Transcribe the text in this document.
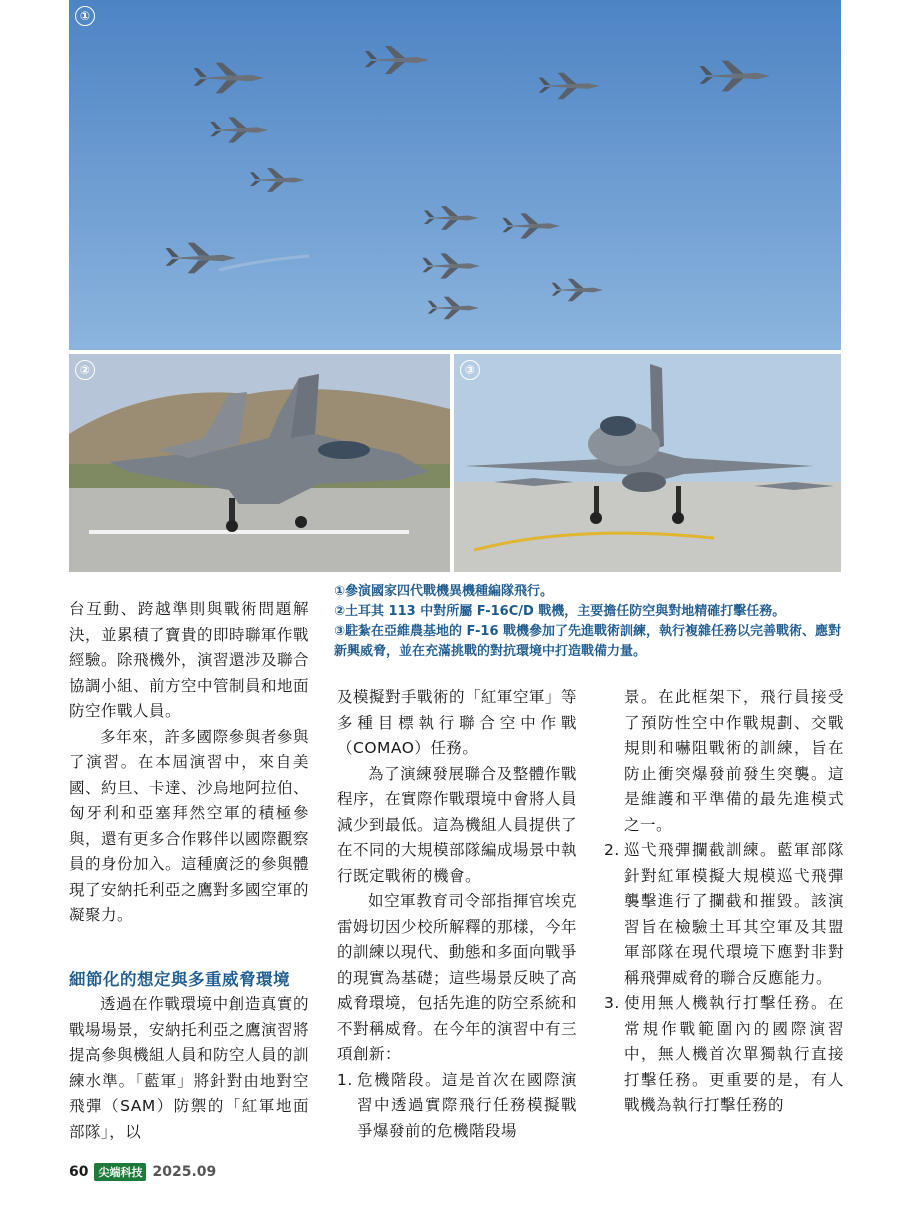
①
②	③
①參演國家四代戰機異機種編隊飛行。
②土耳其 113 中對所屬 F-16C/D 戰機，主要擔任防空與對地精確打擊任務。
③駐紮在亞維農基地的 F-16 戰機參加了先進戰術訓練，執行複雜任務以完善戰術、應對新興威脅，並在充滿挑戰的對抗環境中打造戰備力量。

台互動、跨越準則與戰術問題解決，並累積了寶貴的即時聯軍作戰經驗。除飛機外，演習還涉及聯合協調小組、前方空中管制員和地面防空作戰人員。

多年來，許多國際參與者參與了演習。在本屆演習中，來自美國、約旦、卡達、沙烏地阿拉伯、匈牙利和亞塞拜然空軍的積極參與，還有更多合作夥伴以國際觀察員的身份加入。這種廣泛的參與體現了安納托利亞之鷹對多國空軍的凝聚力。

細節化的想定與多重威脅環境

透過在作戰環境中創造真實的戰場場景，安納托利亞之鷹演習將提高參與機組人員和防空人員的訓練水準。「藍軍」將針對由地對空飛彈（SAM）防禦的「紅軍地面部隊」，以

及模擬對手戰術的「紅軍空軍」等多種目標執行聯合空中作戰（COMAO）任務。

為了演練發展聯合及整體作戰程序，在實際作戰環境中會將人員減少到最低。這為機組人員提供了在不同的大規模部隊編成場景中執行既定戰術的機會。

如空軍教育司令部指揮官埃克雷姆切因少校所解釋的那樣，今年的訓練以現代、動態和多面向戰爭的現實為基礎；這些場景反映了高威脅環境，包括先進的防空系統和不對稱威脅。在今年的演習中有三項創新：

1. 危機階段。這是首次在國際演習中透過實際飛行任務模擬戰爭爆發前的危機階段場
景。在此框架下，飛行員接受了預防性空中作戰規劃、交戰規則和嚇阻戰術的訓練，旨在防止衝突爆發前發生突襲。這是維護和平準備的最先進模式之一。
2. 巡弋飛彈攔截訓練。藍軍部隊針對紅軍模擬大規模巡弋飛彈襲擊進行了攔截和摧毀。該演習旨在檢驗土耳其空軍及其盟軍部隊在現代環境下應對非對稱飛彈威脅的聯合反應能力。
3. 使用無人機執行打擊任務。在常規作戰範圍內的國際演習中，無人機首次單獨執行直接打擊任務。更重要的是，有人戰機為執行打擊任務的
60 尖端科技 2025.09
